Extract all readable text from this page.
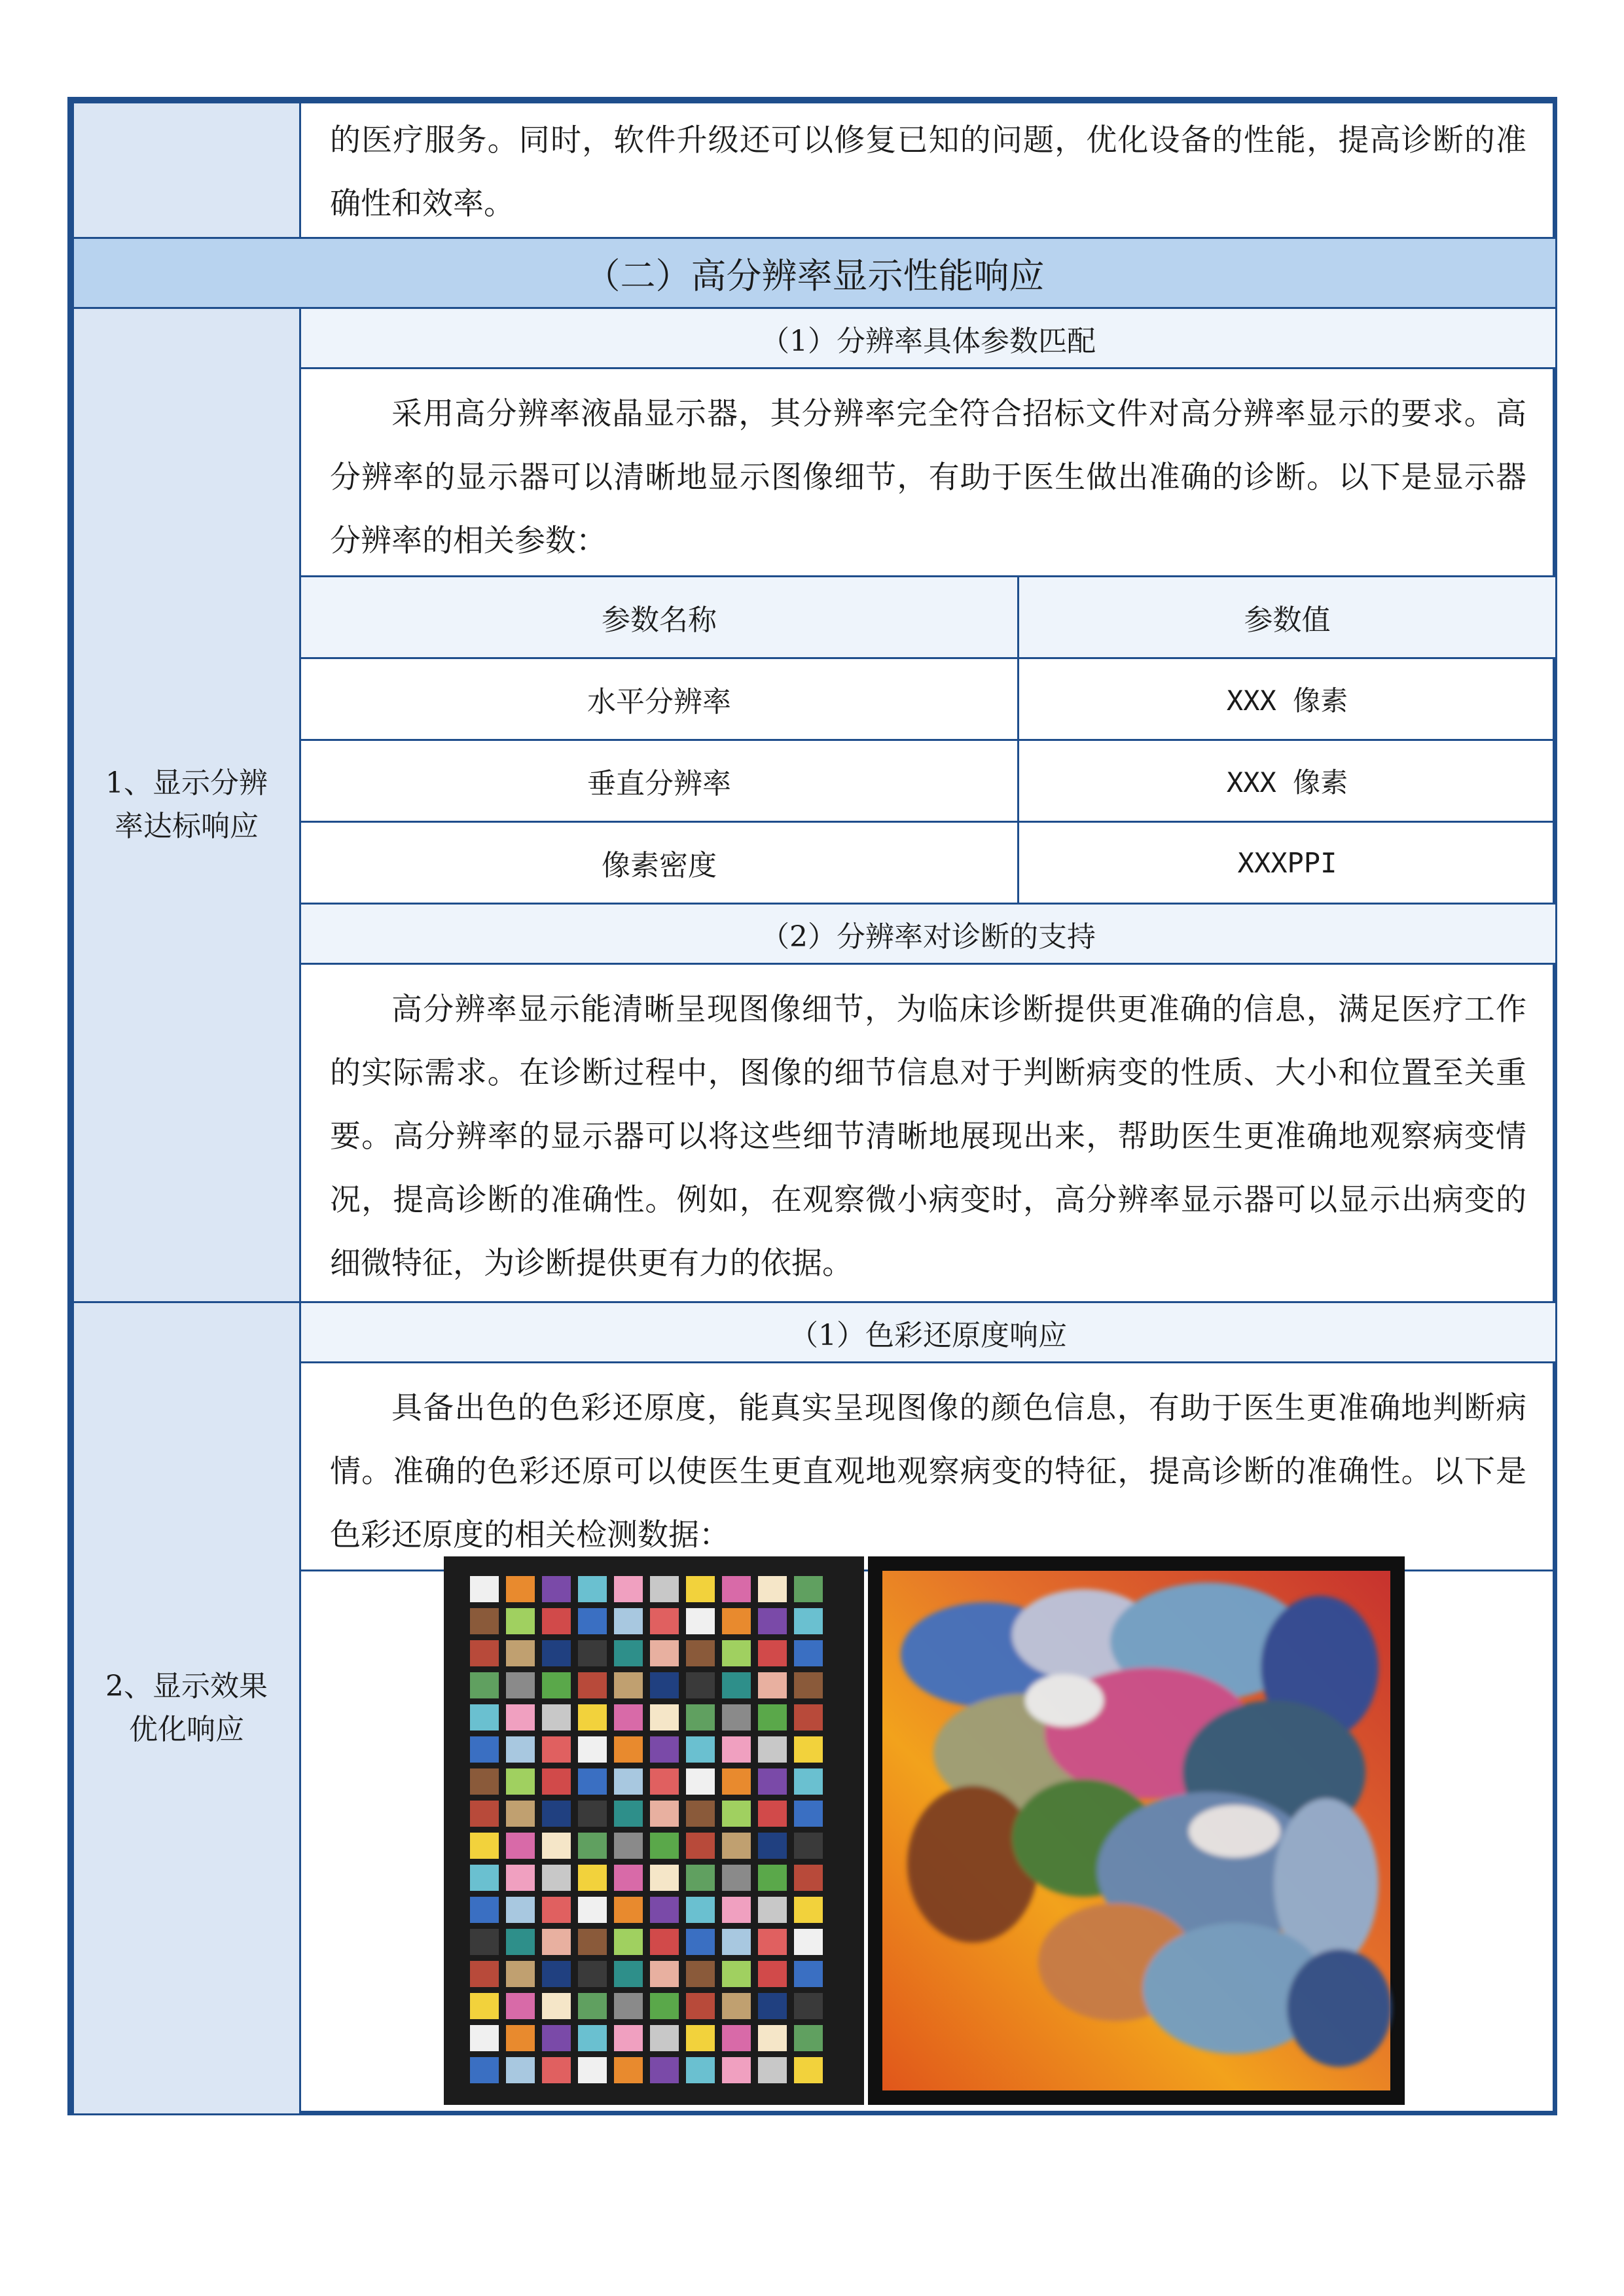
的医疗服务。同时，软件升级还可以修复已知的问题，优化设备的性能，提高诊断的准确性和效率。
（二）高分辨率显示性能响应
1、显示分辨率达标响应
（1）分辨率具体参数匹配
采用高分辨率液晶显示器，其分辨率完全符合招标文件对高分辨率显示的要求。高分辨率的显示器可以清晰地显示图像细节，有助于医生做出准确的诊断。以下是显示器分辨率的相关参数：
参数名称	参数值
水平分辨率	XXX 像素
垂直分辨率	XXX 像素
像素密度	XXXPPI
（2）分辨率对诊断的支持
高分辨率显示能清晰呈现图像细节，为临床诊断提供更准确的信息，满足医疗工作的实际需求。在诊断过程中，图像的细节信息对于判断病变的性质、大小和位置至关重要。高分辨率的显示器可以将这些细节清晰地展现出来，帮助医生更准确地观察病变情况，提高诊断的准确性。例如，在观察微小病变时，高分辨率显示器可以显示出病变的细微特征，为诊断提供更有力的依据。
2、显示效果优化响应
（1）色彩还原度响应
具备出色的色彩还原度，能真实呈现图像的颜色信息，有助于医生更准确地判断病情。准确的色彩还原可以使医生更直观地观察病变的特征，提高诊断的准确性。以下是色彩还原度的相关检测数据：
